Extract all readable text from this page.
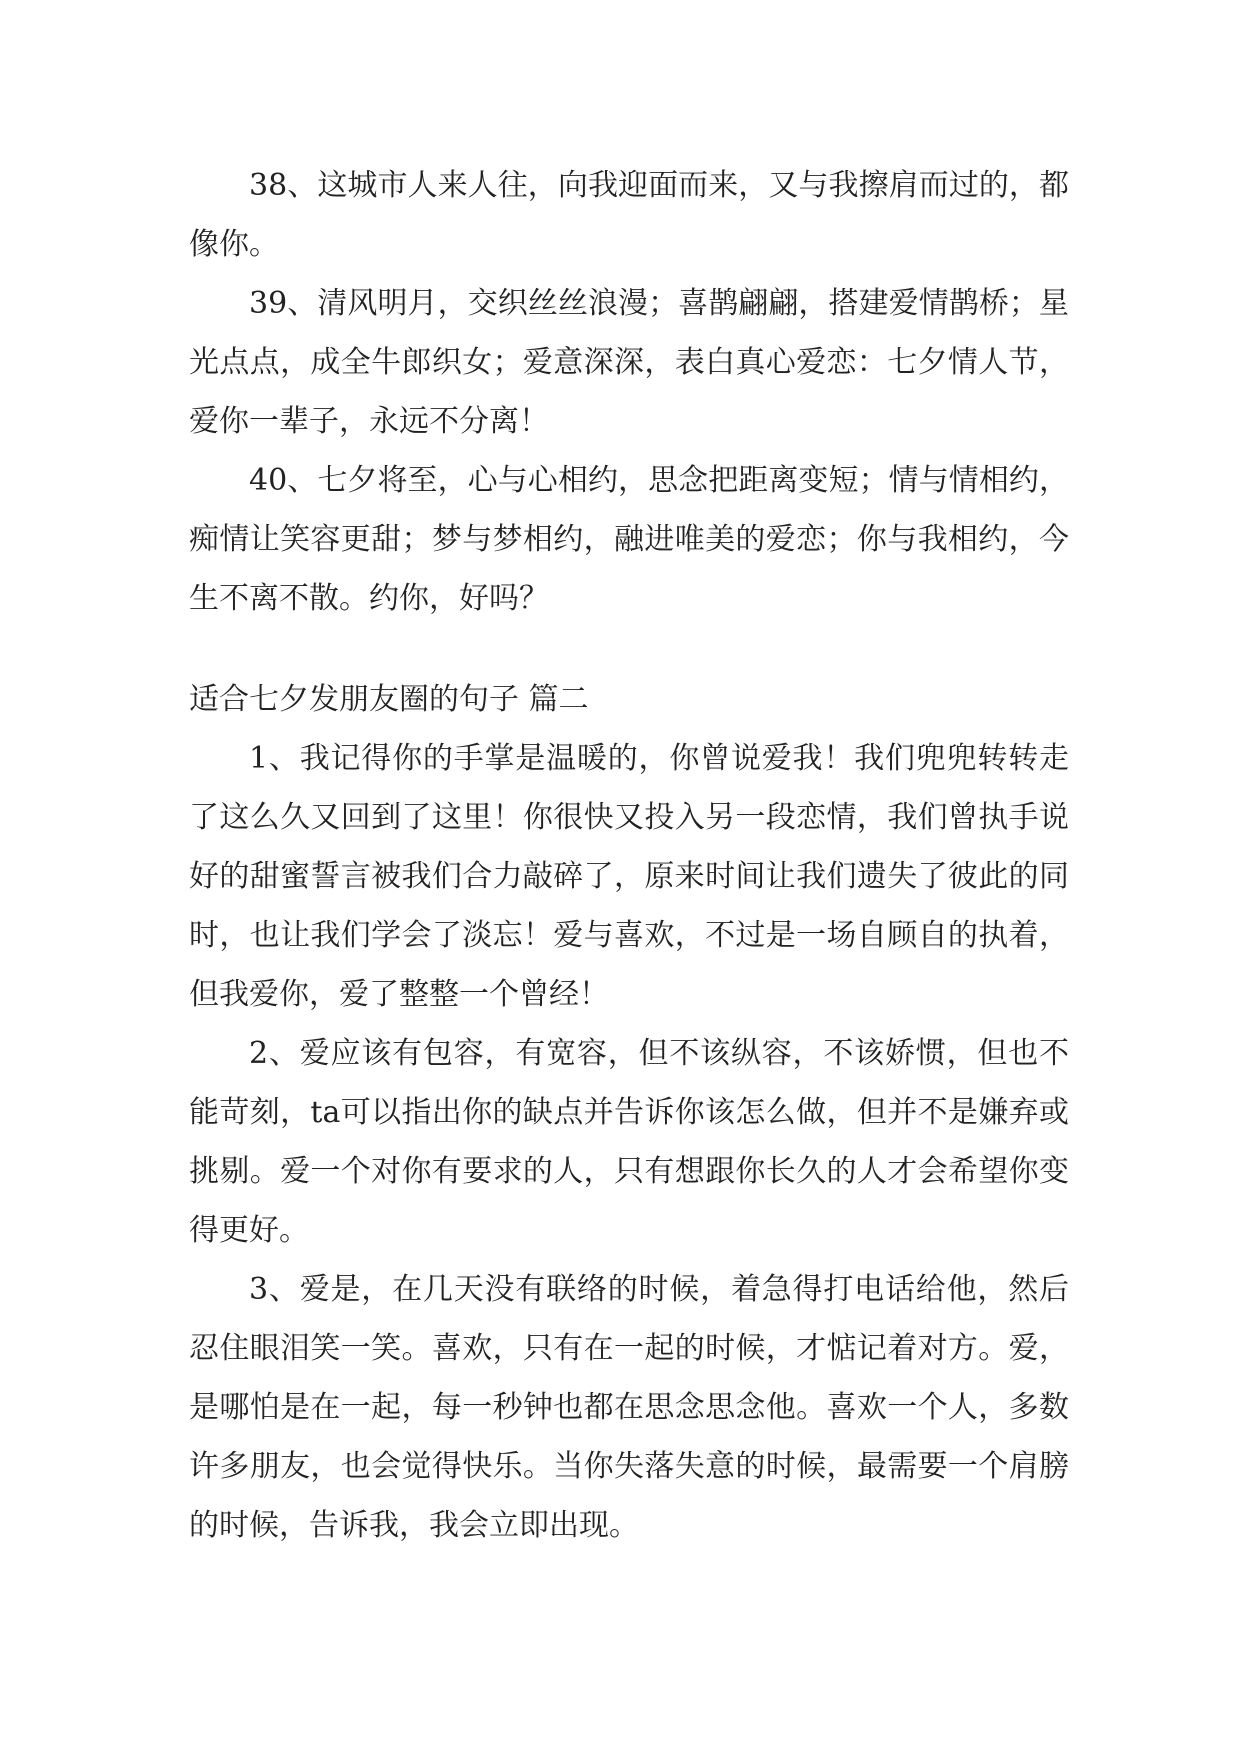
38、这城市人来人往，向我迎面而来，又与我擦肩而过的，都像你。

39、清风明月，交织丝丝浪漫；喜鹊翩翩，搭建爱情鹊桥；星光点点，成全牛郎织女；爱意深深，表白真心爱恋：七夕情人节，爱你一辈子，永远不分离！

40、七夕将至，心与心相约，思念把距离变短；情与情相约，痴情让笑容更甜；梦与梦相约，融进唯美的爱恋；你与我相约，今生不离不散。约你，好吗？

适合七夕发朋友圈的句子 篇二

1、我记得你的手掌是温暖的，你曾说爱我！我们兜兜转转走了这么久又回到了这里！你很快又投入另一段恋情，我们曾执手说好的甜蜜誓言被我们合力敲碎了，原来时间让我们遗失了彼此的同时，也让我们学会了淡忘！爱与喜欢，不过是一场自顾自的执着，但我爱你，爱了整整一个曾经！

2、爱应该有包容，有宽容，但不该纵容，不该娇惯，但也不能苛刻，ta可以指出你的缺点并告诉你该怎么做，但并不是嫌弃或挑剔。爱一个对你有要求的人，只有想跟你长久的人才会希望你变得更好。

3、爱是，在几天没有联络的时候，着急得打电话给他，然后忍住眼泪笑一笑。喜欢，只有在一起的时候，才惦记着对方。爱，是哪怕是在一起，每一秒钟也都在思念思念他。喜欢一个人，多数许多朋友，也会觉得快乐。当你失落失意的时候，最需要一个肩膀的时候，告诉我，我会立即出现。
